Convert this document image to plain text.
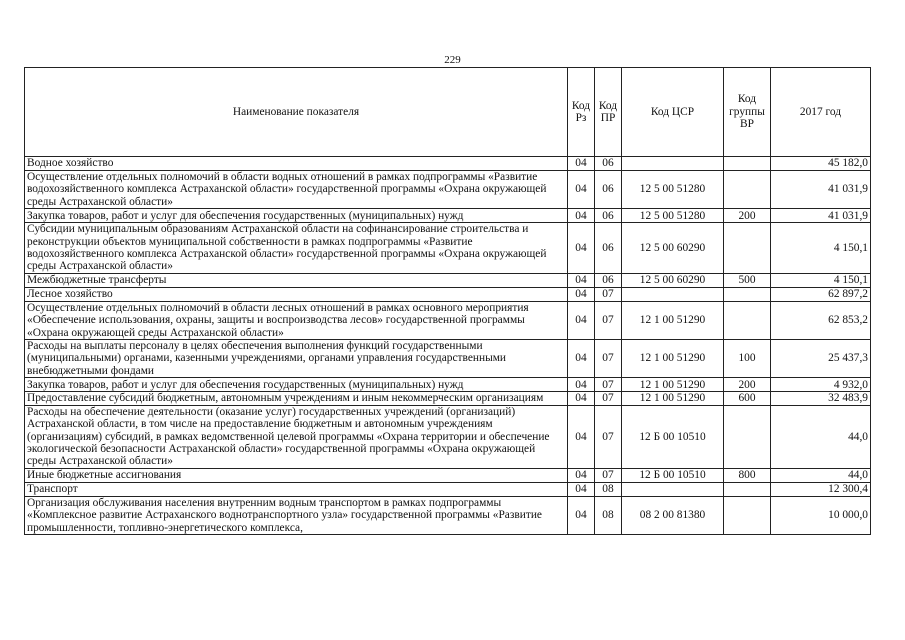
229
Наименование показателя	Код Рз	Код ПР	Код ЦСР	Код группы ВР	2017 год
Водное хозяйство	04	06			45 182,0
Осуществление отдельных полномочий в области водных отношений в рамках подпрограммы «Развитие водохозяйственного комплекса Астраханской области» государственной программы «Охрана окружающей среды Астраханской области»	04	06	12 5 00 51280		41 031,9
Закупка товаров, работ и услуг для обеспечения государственных (муниципальных) нужд	04	06	12 5 00 51280	200	41 031,9
Субсидии муниципальным образованиям Астраханской области на софинансирование строительства и реконструкции объектов муниципальной собственности в рамках подпрограммы «Развитие водохозяйственного комплекса Астраханской области» государственной программы «Охрана окружающей среды Астраханской области»	04	06	12 5 00 60290		4 150,1
Межбюджетные трансферты	04	06	12 5 00 60290	500	4 150,1
Лесное хозяйство	04	07			62 897,2
Осуществление отдельных полномочий в области лесных отношений в рамках основного мероприятия «Обеспечение использования, охраны, защиты и воспроизводства лесов» государственной программы «Охрана окружающей среды Астраханской области»	04	07	12 1 00 51290		62 853,2
Расходы на выплаты персоналу в целях обеспечения выполнения функций государственными (муниципальными) органами, казенными учреждениями, органами управления государственными внебюджетными фондами	04	07	12 1 00 51290	100	25 437,3
Закупка товаров, работ и услуг для обеспечения государственных (муниципальных) нужд	04	07	12 1 00 51290	200	4 932,0
Предоставление субсидий бюджетным, автономным учреждениям и иным некоммерческим организациям	04	07	12 1 00 51290	600	32 483,9
Расходы на обеспечение деятельности (оказание услуг) государственных учреждений (организаций) Астраханской области, в том числе на предоставление бюджетным и автономным учреждениям (организациям) субсидий, в рамках ведомственной целевой программы «Охрана территории и обеспечение экологической безопасности Астраханской области» государственной программы «Охрана окружающей среды Астраханской области»	04	07	12 Б 00 10510		44,0
Иные бюджетные ассигнования	04	07	12 Б 00 10510	800	44,0
Транспорт	04	08			12 300,4
Организация обслуживания населения внутренним водным транспортом в рамках подпрограммы «Комплексное развитие Астраханского воднотранспортного узла» государственной программы «Развитие промышленности, топливно-энергетического комплекса,	04	08	08 2 00 81380		10 000,0
